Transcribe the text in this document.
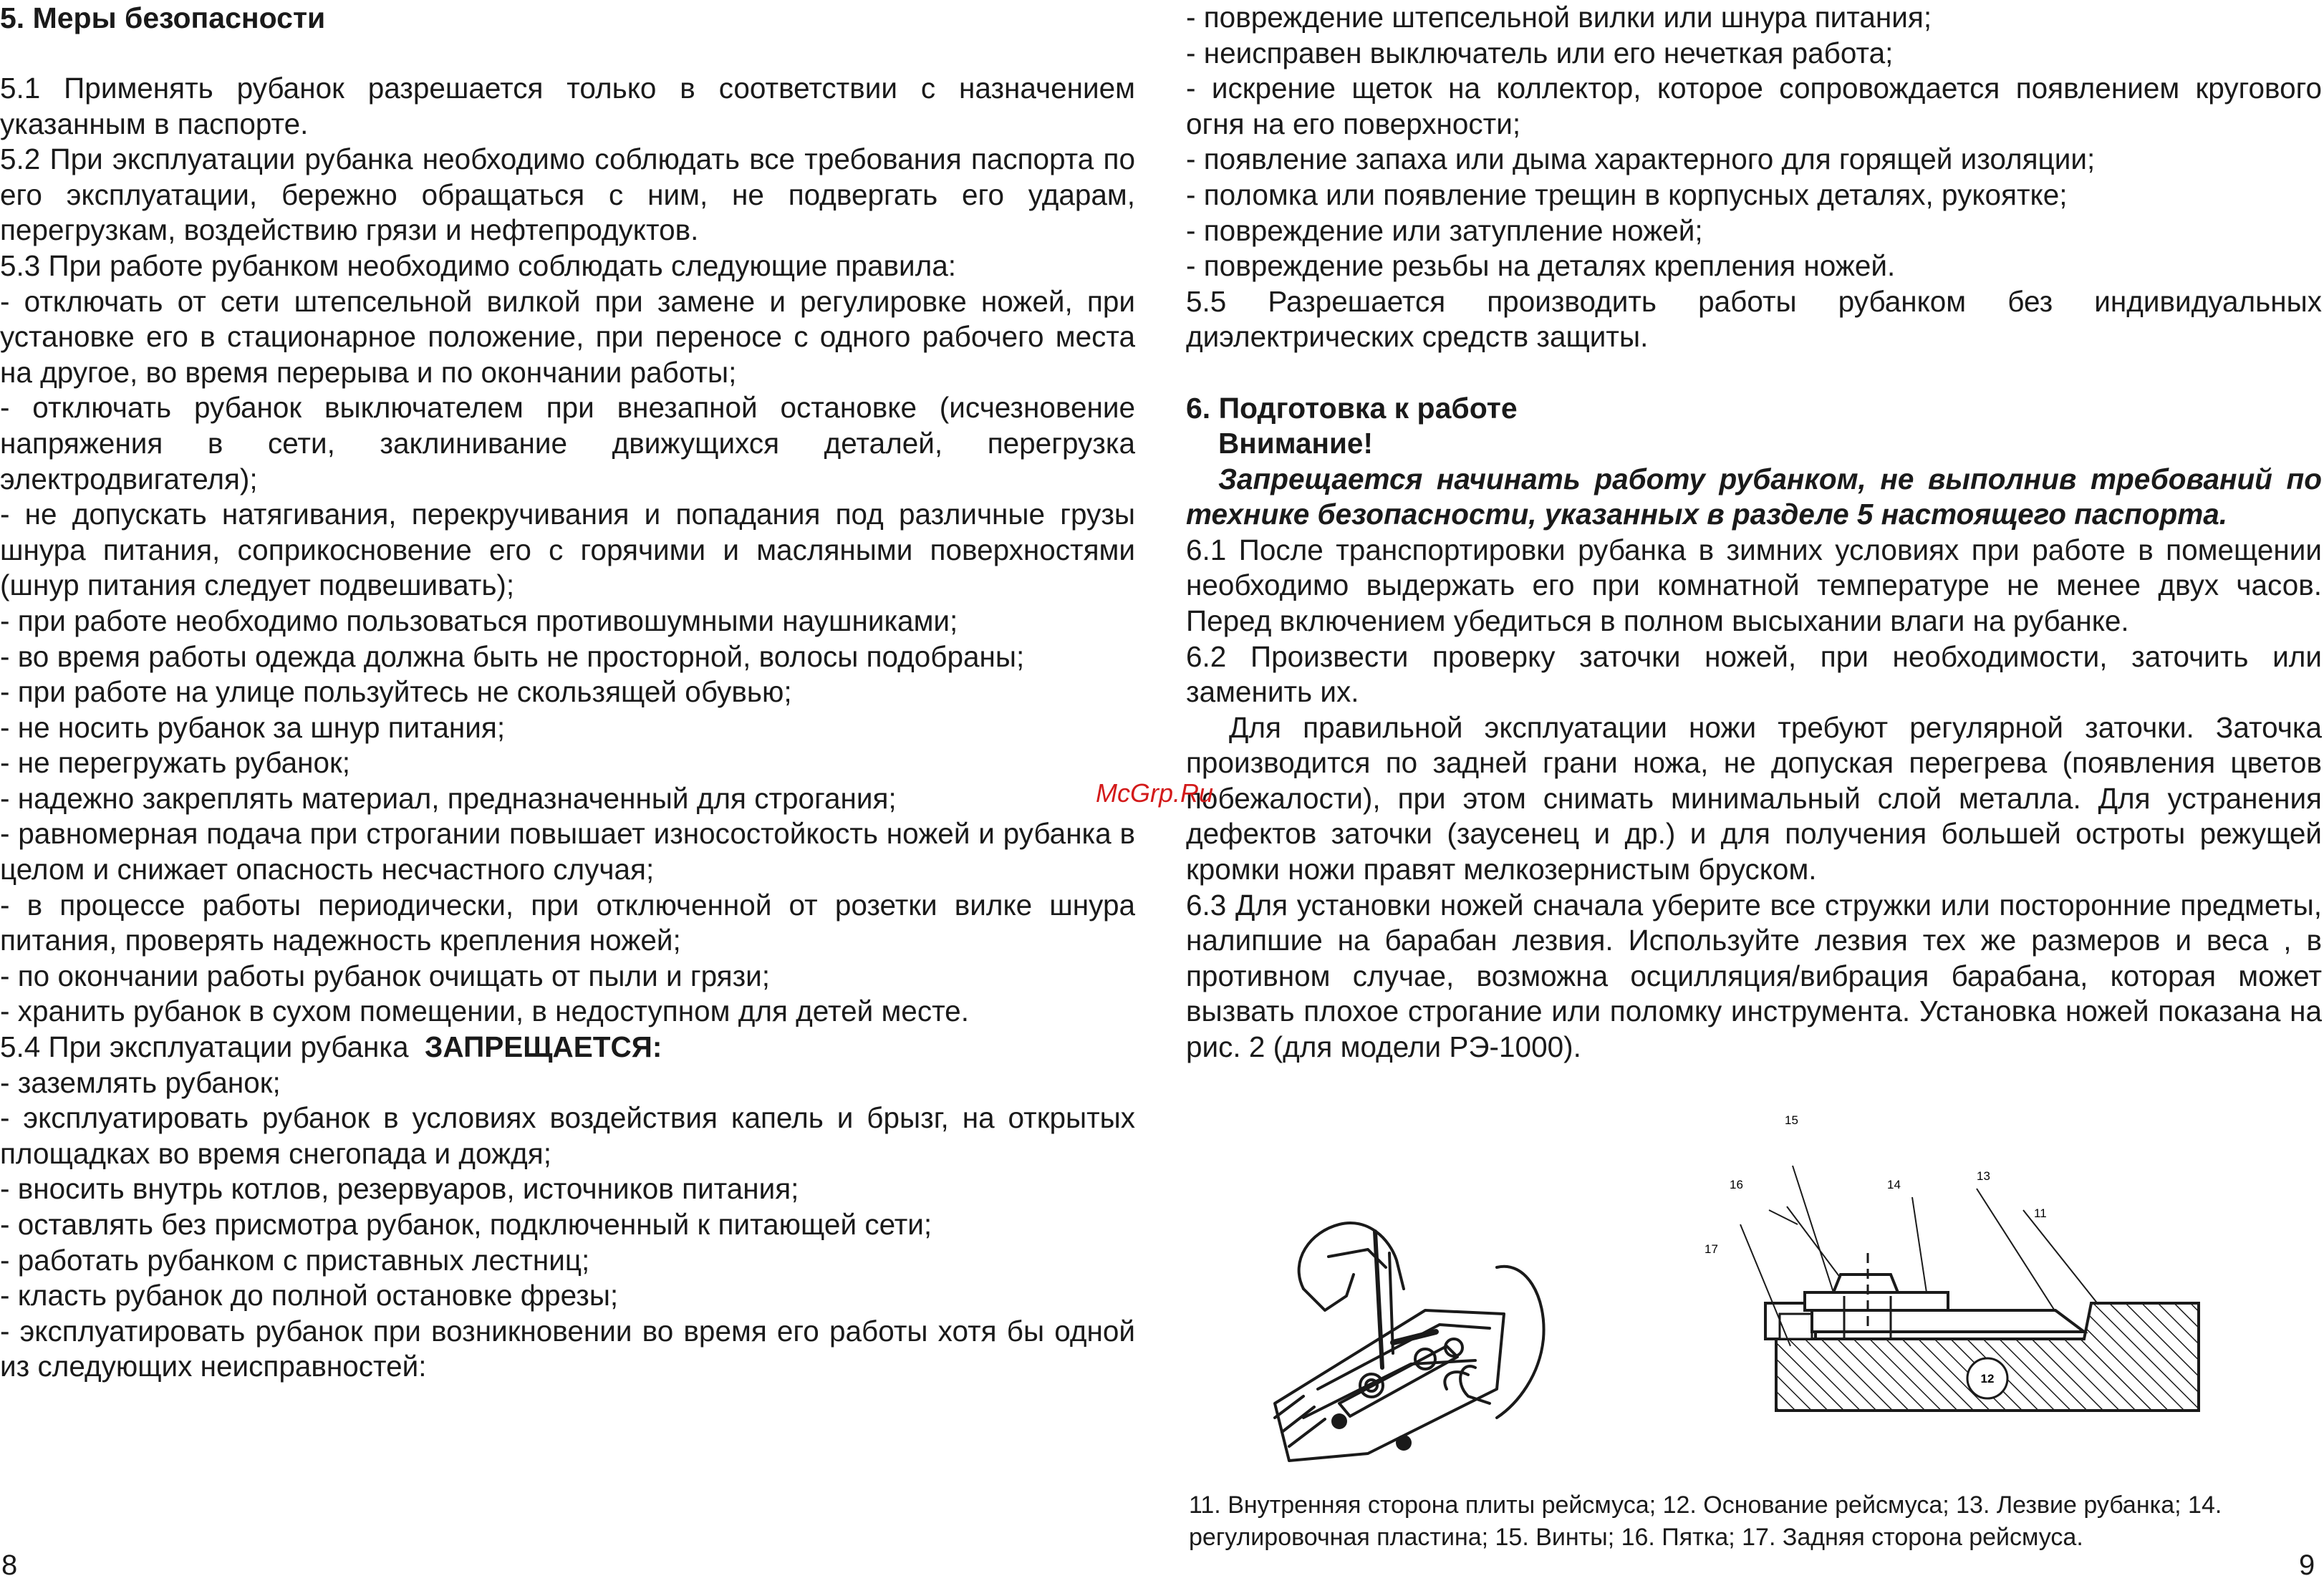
5. Меры безопасности

5.1 Применять рубанок разрешается только в соответствии с назначением указанным в паспорте.

5.2 При эксплуатации рубанка необходимо соблюдать все требования паспорта по его эксплуатации, бережно обращаться с ним, не подвергать его ударам, перегрузкам, воздействию грязи и нефтепродуктов.

5.3 При работе рубанком необходимо соблюдать следующие правила:

- отключать от сети штепсельной вилкой при замене и регулировке ножей, при установке его в стационарное положение, при переносе с одного рабочего места на другое, во время перерыва и по окончании работы;

- отключать рубанок выключателем при внезапной остановке (исчезновение напряжения в сети, заклинивание движущихся деталей, перегрузка электродвигателя);

- не допускать натягивания, перекручивания и попадания под различные грузы шнура питания, соприкосновение его с горячими и масляными поверхностями (шнур питания следует подвешивать);

- при работе необходимо пользоваться противошумными наушниками;

- во время работы одежда должна быть не просторной, волосы подобраны;

- при работе на улице пользуйтесь не скользящей обувью;

- не носить рубанок за шнур питания;

- не перегружать рубанок;

- надежно закреплять материал, предназначенный для строгания;

- равномерная подача при строгании повышает износостойкость ножей и рубанка в целом и снижает опасность несчастного случая;

- в процессе работы периодически, при отключенной от розетки вилке шнура питания, проверять надежность крепления ножей;

- по окончании работы рубанок очищать от пыли и грязи;

- хранить рубанок в сухом помещении, в недоступном для детей месте.

5.4 При эксплуатации рубанка ЗАПРЕЩАЕТСЯ:

- заземлять рубанок;

- эксплуатировать рубанок в условиях воздействия капель и брызг, на открытых площадках во время снегопада и дождя;

- вносить внутрь котлов, резервуаров, источников питания;

- оставлять без присмотра рубанок, подключенный к питающей сети;

- работать рубанком с приставных лестниц;

- класть рубанок до полной остановке фрезы;

- эксплуатировать рубанок при возникновении во время его работы хотя бы одной из следующих неисправностей:

8

- повреждение штепсельной вилки или шнура питания;

- неисправен выключатель или его нечеткая работа;

- искрение щеток на коллектор, которое сопровождается появлением кругового огня на его поверхности;

- появление запаха или дыма характерного для горящей изоляции;

- поломка или появление трещин в корпусных деталях, рукоятке;

- повреждение или затупление ножей;

- повреждение резьбы на деталях крепления ножей.

5.5 Разрешается производить работы рубанком без индивидуальных диэлектрических средств защиты.

6. Подготовка к работе

Внимание!

Запрещается начинать работу рубанком, не выполнив требований по технике безопасности, указанных в разделе 5 настоящего паспорта.

6.1 После транспортировки рубанка в зимних условиях при работе в помещении необходимо выдержать его при комнатной температуре не менее двух часов. Перед включением убедиться в полном высыхании влаги на рубанке.

6.2 Произвести проверку заточки ножей, при необходимости, заточить или заменить их.

Для правильной эксплуатации ножи требуют регулярной заточки. Заточка производится по задней грани ножа, не допуская перегрева (появления цветов побежалости), при этом снимать минимальный слой металла. Для устранения дефектов заточки (заусенец и др.) и для получения большей остроты режущей кромки ножи правят мелкозернистым бруском.

6.3 Для установки ножей сначала уберите все стружки или посторонние предметы, налипшие на барабан лезвия. Используйте лезвия тех же размеров и веса , в противном случае, возможна осцилляция/вибрация барабана, которая может вызвать плохое строгание или поломку инструмента. Установка ножей показана на рис. 2 (для модели РЭ-1000).

12
15
16
17
14
13
11
11. Внутренняя сторона плиты рейсмуса; 12. Основание рейсмуса; 13. Лезвие рубанка; 14. регулировочная пластина; 15. Винты; 16. Пятка; 17. Задняя сторона рейсмуса.
9
McGrp.Ru
